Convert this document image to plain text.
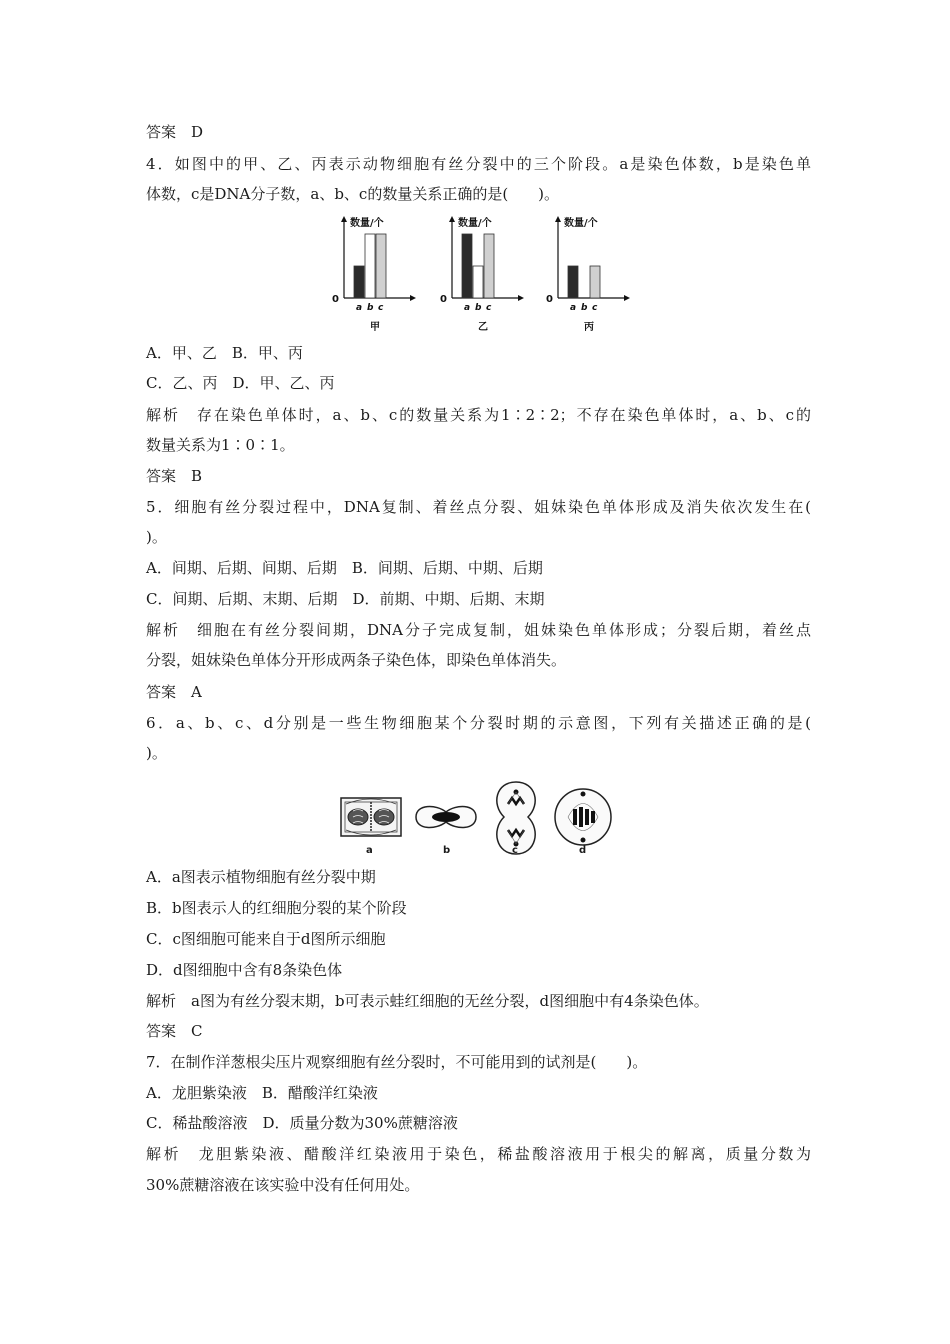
答案　D
4．如图中的甲、乙、丙表示动物细胞有丝分裂中的三个阶段。a是染色体数，b是染色单
体数，c是DNA分子数，a、b、c的数量关系正确的是(　　)。
数量/个
0
a b c
甲
数量/个
0
a b c
乙
数量/个
0
a b c
丙
A．甲、乙　B．甲、丙
C．乙、丙　D．甲、乙、丙
解析　存在染色单体时，a、b、c的数量关系为1∶2∶2；不存在染色单体时，a、b、c的
数量关系为1∶0∶1。
答案　B
5．细胞有丝分裂过程中，DNA复制、着丝点分裂、姐妹染色单体形成及消失依次发生在(
)。
A．间期、后期、间期、后期　B．间期、后期、中期、后期
C．间期、后期、末期、后期　D．前期、中期、后期、末期
解析　细胞在有丝分裂间期，DNA分子完成复制，姐妹染色单体形成；分裂后期，着丝点
分裂，姐妹染色单体分开形成两条子染色体，即染色单体消失。
答案　A
6．a、b、c、d分别是一些生物细胞某个分裂时期的示意图，下列有关描述正确的是(
)。
a	b	c	d
A．a图表示植物细胞有丝分裂中期
B．b图表示人的红细胞分裂的某个阶段
C．c图细胞可能来自于d图所示细胞
D．d图细胞中含有8条染色体
解析　a图为有丝分裂末期，b可表示蛙红细胞的无丝分裂，d图细胞中有4条染色体。
答案　C
7．在制作洋葱根尖压片观察细胞有丝分裂时，不可能用到的试剂是(　　)。
A．龙胆紫染液　B．醋酸洋红染液
C．稀盐酸溶液　D．质量分数为30%蔗糖溶液
解析　龙胆紫染液、醋酸洋红染液用于染色，稀盐酸溶液用于根尖的解离，质量分数为
30%蔗糖溶液在该实验中没有任何用处。
